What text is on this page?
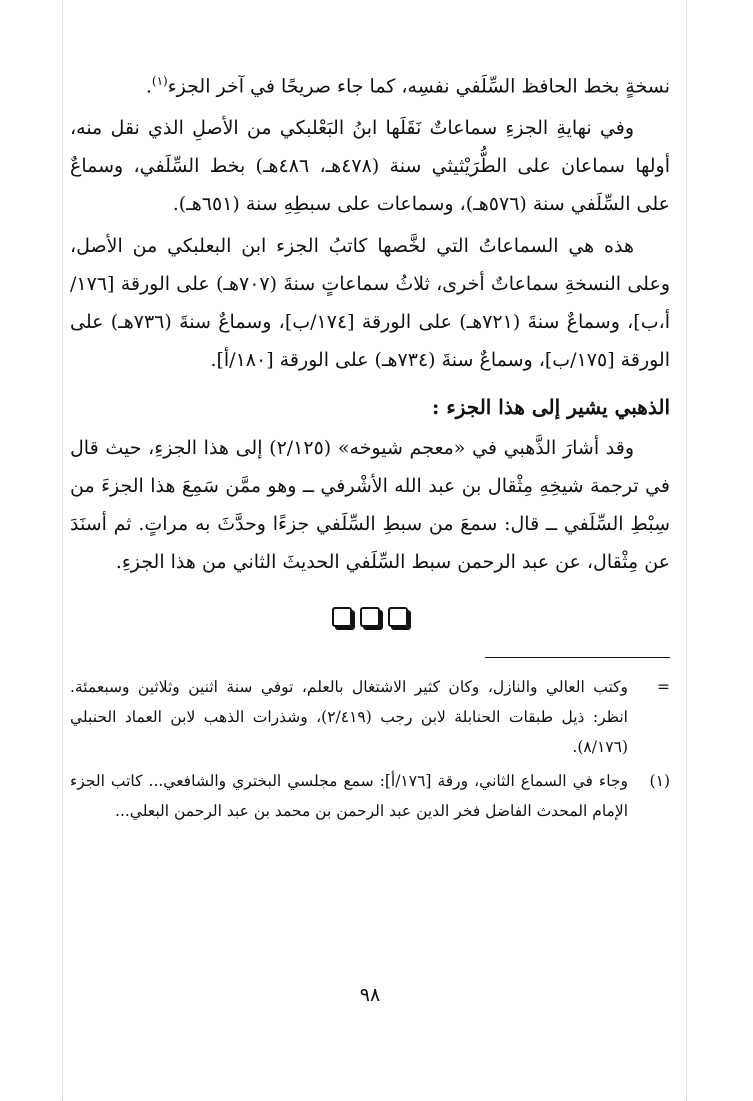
نسخةٍ بخط الحافظ السِّلَفي نفسِه، كما جاء صريحًا في آخر الجزء$^{(١)}$.

وفي نهايةِ الجزءِ سماعاتٌ نَقَلَها ابنُ البَعْلبكي من الأصلِ الذي نقل منه، أولها سماعان على الطُّرَيْثيثي سنة (٤٧٨هـ، ٤٨٦هـ) بخط السِّلَفي، وسماعٌ على السِّلَفي سنة (٥٧٦هـ)، وسماعات على سبطِهِ سنة (٦٥١هـ).

هذه هي السماعاتُ التي لخَّصها كاتبُ الجزء ابن البعلبكي من الأصل، وعلى النسخةِ سماعاتٌ أخرى، ثلاثُ سماعاتٍ سنةَ (٧٠٧هـ) على الورقة [١٧٦/أ،ب]، وسماعٌ سنةَ (٧٢١هـ) على الورقة [١٧٤/ب]، وسماعٌ سنةَ (٧٣٦هـ) على الورقة [١٧٥/ب]، وسماعٌ سنةَ (٧٣٤هـ) على الورقة [١٨٠/أ].

الذهبي يشير إلى هذا الجزء :

وقد أشارَ الذَّهبي في «معجم شيوخه» (٢/١٢٥) إلى هذا الجزءِ، حيث قال في ترجمة شيخِهِ مِثْقال بن عبد الله الأشْرفي ــ وهو ممَّن سَمِعَ هذا الجزءَ من سِبْطِ السِّلَفي ــ قال: سمعَ من سبطِ السِّلَفي جزءًا وحدَّثَ به مراتٍ. ثم أسنَدَ عن مِثْقال، عن عبد الرحمن سبط السِّلَفي الحديثَ الثاني من هذا الجزءِ.

=
وكتب العالي والنازل، وكان كثير الاشتغال بالعلم، توفي سنة اثنين وثلاثين وسبعمئة. انظر: ذيل طبقات الحنابلة لابن رجب (٢/٤١٩)، وشذرات الذهب لابن العماد الحنبلي (٨/١٧٦).

(١)
وجاء في السماع الثاني، ورقة [١٧٦/أ]: سمع مجلسي البختري والشافعي... كاتب الجزء الإمام المحدث الفاضل فخر الدين عبد الرحمن بن محمد بن عبد الرحمن البعلي...

٩٨
